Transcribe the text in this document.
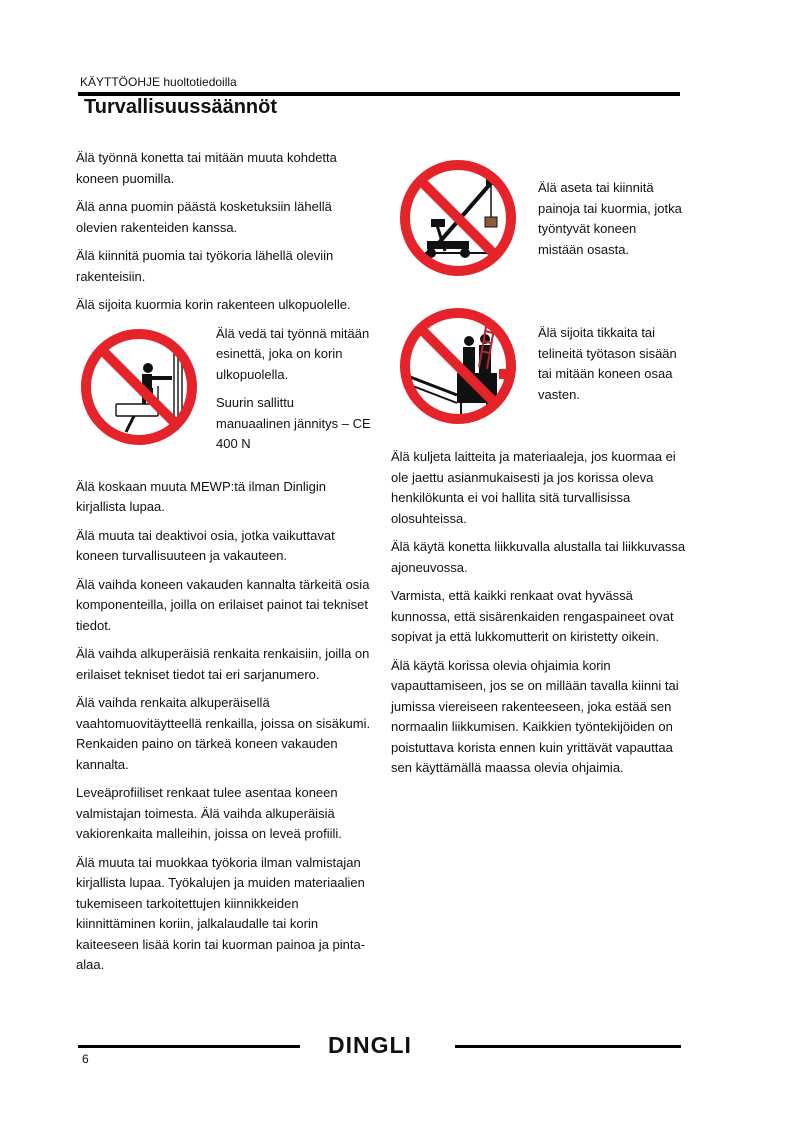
KÄYTTÖOHJE huoltotiedoilla
Turvallisuussäännöt

Älä työnnä konetta tai mitään muuta kohdetta koneen puomilla.

Älä anna puomin päästä kosketuksiin lähellä olevien rakenteiden kanssa.

Älä kiinnitä puomia tai työkoria lähellä oleviin rakenteisiin.

Älä sijoita kuormia korin rakenteen ulkopuolelle.

Älä vedä tai työnnä mitään esinettä, joka on korin ulkopuolella.

Suurin sallittu manuaalinen jännitys – CE 400 N

Älä koskaan muuta MEWP:tä ilman Dinligin kirjallista lupaa.

Älä muuta tai deaktivoi osia, jotka vaikuttavat koneen turvallisuuteen ja vakauteen.

Älä vaihda koneen vakauden kannalta tärkeitä osia komponenteilla, joilla on erilaiset painot tai tekniset tiedot.

Älä vaihda alkuperäisiä renkaita renkaisiin, joilla on erilaiset tekniset tiedot tai eri sarjanumero.

Älä vaihda renkaita alkuperäisellä vaahtomuovitäytteellä renkailla, joissa on sisäkumi. Renkaiden paino on tärkeä koneen vakauden kannalta.

Leveäprofiiliset renkaat tulee asentaa koneen valmistajan toimesta. Älä vaihda alkuperäisiä vakiorenkaita malleihin, joissa on leveä profiili.

Älä muuta tai muokkaa työkoria ilman valmistajan kirjallista lupaa. Työkalujen ja muiden materiaalien tukemiseen tarkoitettujen kiinnikkeiden kiinnittäminen koriin, jalkalaudalle tai korin kaiteeseen lisää korin tai kuorman painoa ja pinta-alaa.

Älä aseta tai kiinnitä painoja tai kuormia, jotka työntyvät koneen mistään osasta.
Älä sijoita tikkaita tai telineitä työtason sisään tai mitään koneen osaa vasten.

Älä kuljeta laitteita ja materiaaleja, jos kuormaa ei ole jaettu asianmukaisesti ja jos korissa oleva henkilökunta ei voi hallita sitä turvallisissa olosuhteissa.

Älä käytä konetta liikkuvalla alustalla tai liikkuvassa ajoneuvossa.

Varmista, että kaikki renkaat ovat hyvässä kunnossa, että sisärenkaiden rengaspaineet ovat sopivat ja että lukkomutterit on kiristetty oikein.

Älä käytä korissa olevia ohjaimia korin vapauttamiseen, jos se on millään tavalla kiinni tai jumissa viereiseen rakenteeseen, joka estää sen normaalin liikkumisen. Kaikkien työntekijöiden on poistuttava korista ennen kuin yrittävät vapauttaa sen käyttämällä maassa olevia ohjaimia.

DINGLI
6
